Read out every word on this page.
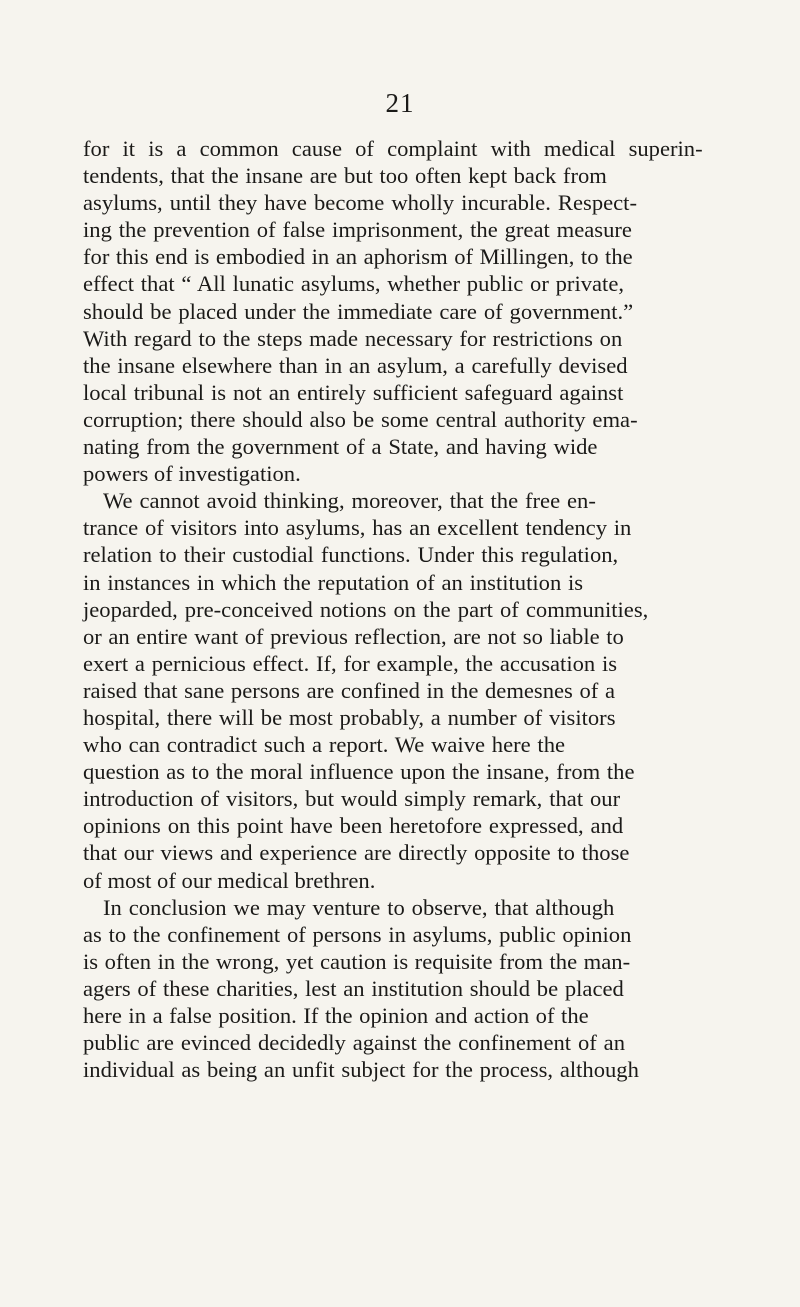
21
for it is a common cause of complaint with medical superin-
tendents, that the insane are but too often kept back from
asylums, until they have become wholly incurable. Respect-
ing the prevention of false imprisonment, the great measure
for this end is embodied in an aphorism of Millingen, to the
effect that “ All lunatic asylums, whether public or private,
should be placed under the immediate care of government.”
With regard to the steps made necessary for restrictions on
the insane elsewhere than in an asylum, a carefully devised
local tribunal is not an entirely sufficient safeguard against
corruption; there should also be some central authority ema-
nating from the government of a State, and having wide
powers of investigation.
We cannot avoid thinking, moreover, that the free en-
trance of visitors into asylums, has an excellent tendency in
relation to their custodial functions. Under this regulation,
in instances in which the reputation of an institution is
jeoparded, pre-conceived notions on the part of communities,
or an entire want of previous reflection, are not so liable to
exert a pernicious effect. If, for example, the accusation is
raised that sane persons are confined in the demesnes of a
hospital, there will be most probably, a number of visitors
who can contradict such a report. We waive here the
question as to the moral influence upon the insane, from the
introduction of visitors, but would simply remark, that our
opinions on this point have been heretofore expressed, and
that our views and experience are directly opposite to those
of most of our medical brethren.
In conclusion we may venture to observe, that although
as to the confinement of persons in asylums, public opinion
is often in the wrong, yet caution is requisite from the man-
agers of these charities, lest an institution should be placed
here in a false position. If the opinion and action of the
public are evinced decidedly against the confinement of an
individual as being an unfit subject for the process, although
